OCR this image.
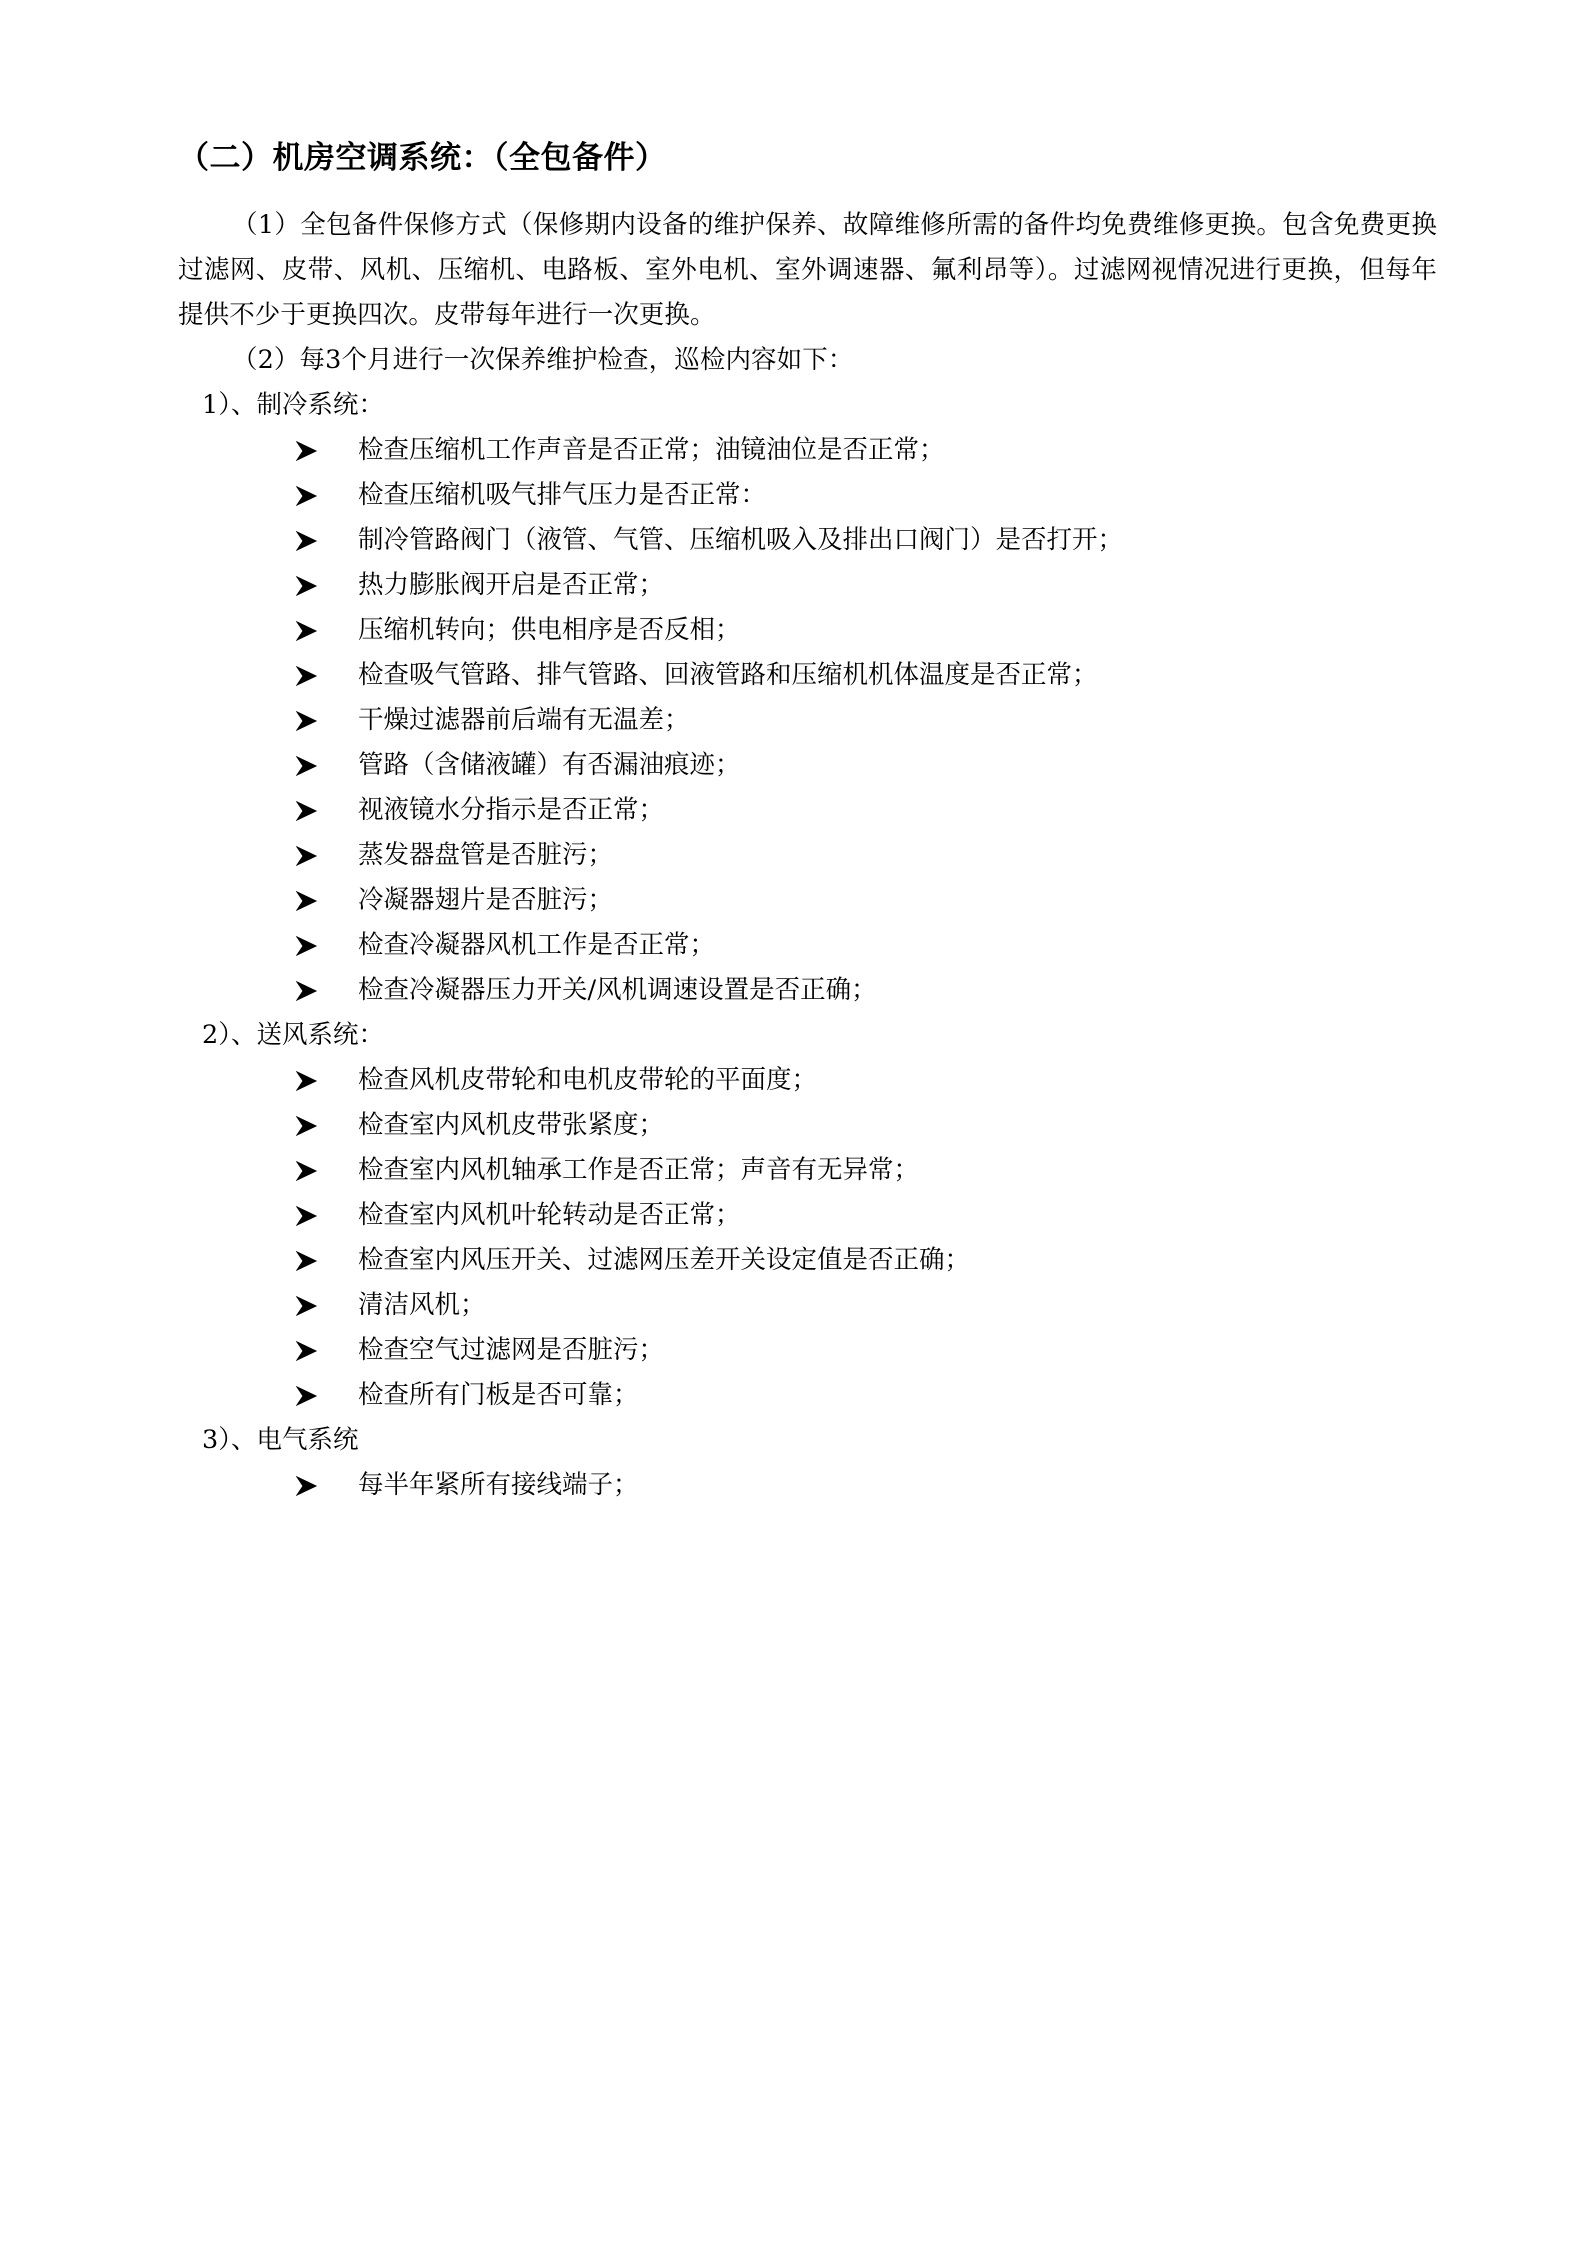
（二）机房空调系统：（全包备件）

（1）全包备件保修方式（保修期内设备的维护保养、故障维修所需的备件均免费维修更换。包含免费更换过滤网、皮带、风机、压缩机、电路板、室外电机、室外调速器、氟利昂等）。过滤网视情况进行更换，但每年提供不少于更换四次。皮带每年进行一次更换。

（2）每3个月进行一次保养维护检查，巡检内容如下：

1）、制冷系统：

检查压缩机工作声音是否正常；油镜油位是否正常；
检查压缩机吸气排气压力是否正常：
制冷管路阀门（液管、气管、压缩机吸入及排出口阀门）是否打开；
热力膨胀阀开启是否正常；
压缩机转向；供电相序是否反相；
检查吸气管路、排气管路、回液管路和压缩机机体温度是否正常；
干燥过滤器前后端有无温差；
管路（含储液罐）有否漏油痕迹；
视液镜水分指示是否正常；
蒸发器盘管是否脏污；
冷凝器翅片是否脏污；
检查冷凝器风机工作是否正常；
检查冷凝器压力开关/风机调速设置是否正确；

2）、送风系统：

检查风机皮带轮和电机皮带轮的平面度；
检查室内风机皮带张紧度；
检查室内风机轴承工作是否正常；声音有无异常；
检查室内风机叶轮转动是否正常；
检查室内风压开关、过滤网压差开关设定值是否正确；
清洁风机；
检查空气过滤网是否脏污；
检查所有门板是否可靠；

3）、电气系统

每半年紧所有接线端子；
